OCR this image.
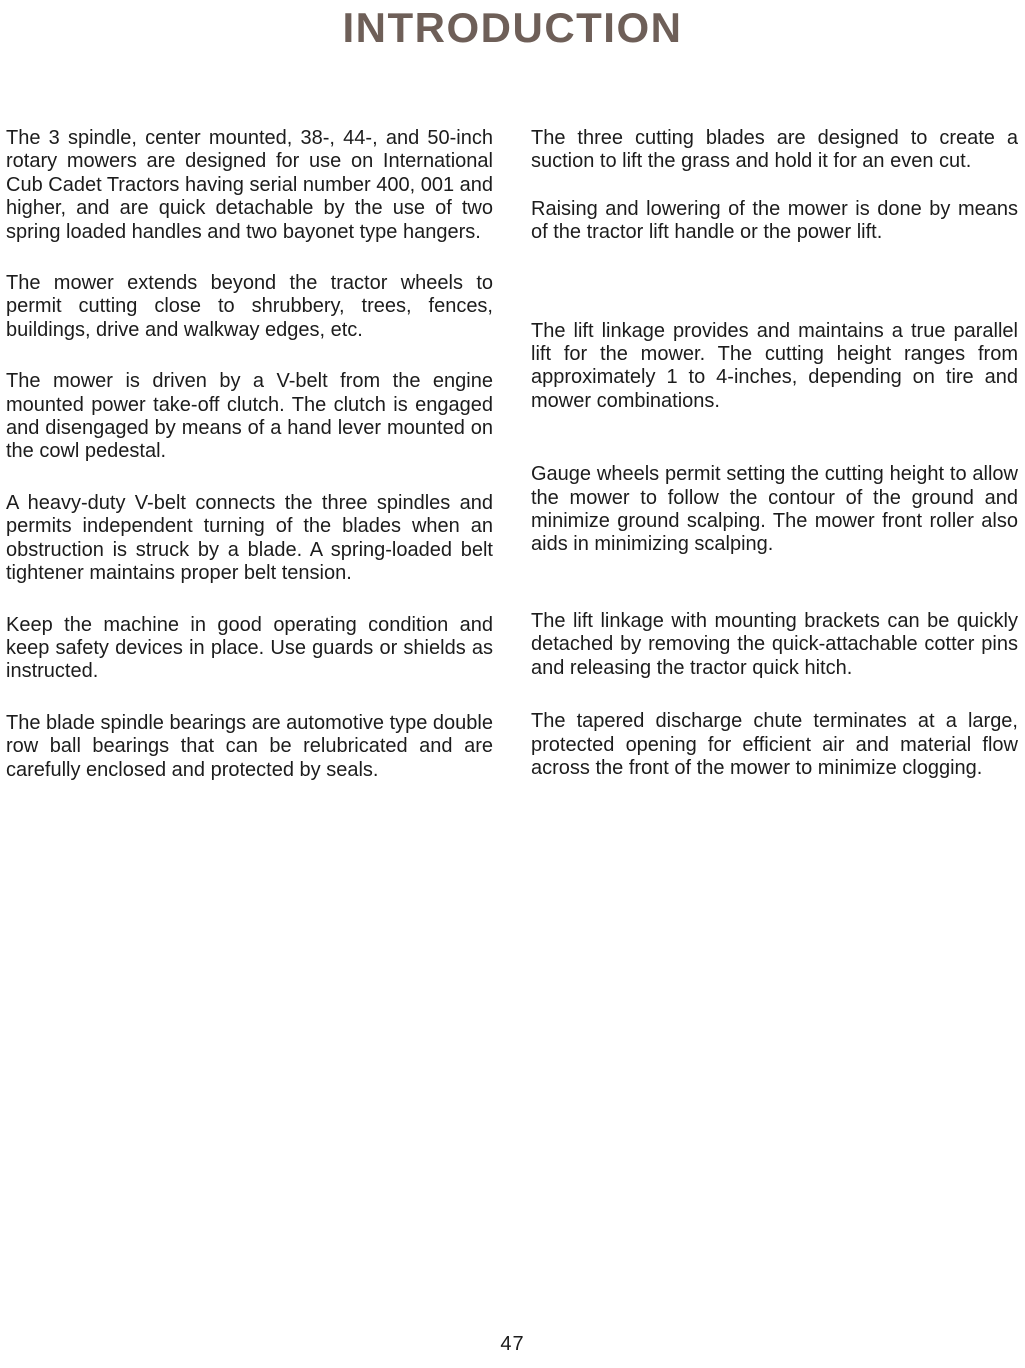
INTRODUCTION

The 3 spindle, center mounted, 38-, 44-, and 50-inch rotary mowers are designed for use on International Cub Cadet Tractors having serial number 400, 001 and higher, and are quick detachable by the use of two spring loaded handles and two bayonet type hangers.

The mower extends beyond the tractor wheels to permit cutting close to shrubbery, trees, fences, buildings, drive and walkway edges, etc.

The mower is driven by a V-belt from the engine mounted power take-off clutch. The clutch is engaged and disengaged by means of a hand lever mounted on the cowl pedestal.

A heavy-duty V-belt connects the three spindles and permits independent turning of the blades when an obstruction is struck by a blade. A spring-loaded belt tightener maintains proper belt tension.

Keep the machine in good operating condition and keep safety devices in place. Use guards or shields as instructed.

The blade spindle bearings are automotive type double row ball bearings that can be relubricated and are carefully enclosed and protected by seals.

The three cutting blades are designed to create a suction to lift the grass and hold it for an even cut.

Raising and lowering of the mower is done by means of the tractor lift handle or the power lift.

The lift linkage provides and maintains a true parallel lift for the mower. The cutting height ranges from approximately 1 to 4-inches, depending on tire and mower combinations.

Gauge wheels permit setting the cutting height to allow the mower to follow the contour of the ground and minimize ground scalping. The mower front roller also aids in minimizing scalping.

The lift linkage with mounting brackets can be quickly detached by removing the quick-attachable cotter pins and releasing the tractor quick hitch.

The tapered discharge chute terminates at a large, protected opening for efficient air and material flow across the front of the mower to minimize clogging.

47
